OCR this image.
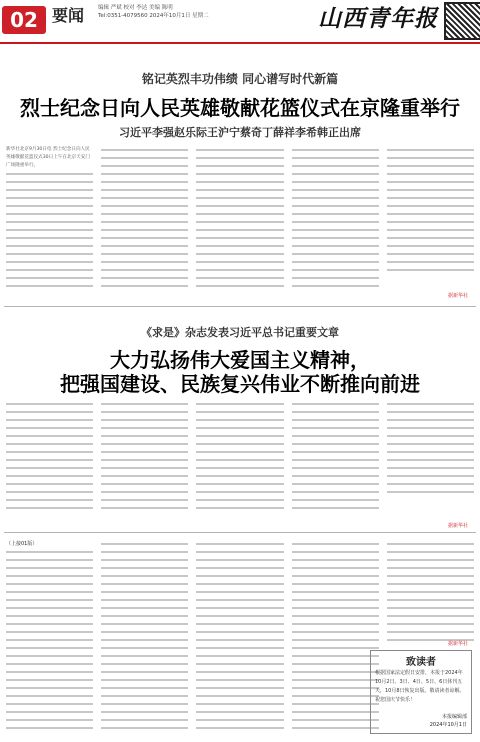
02 要闻	编辑 严斌 校对 李达 美编 陈明
Tel:0351-4079560 2024年10月1日 星期二	山西青年报
铭记英烈丰功伟绩 同心谱写时代新篇
烈士纪念日向人民英雄敬献花篮仪式在京隆重举行
习近平李强赵乐际王沪宁蔡奇丁薛祥李希韩正出席
新华社北京9月30日电 烈士纪念日向人民英雄敬献花篮仪式30日上午在北京天安门广场隆重举行。
据新华社
《求是》杂志发表习近平总书记重要文章
大力弘扬伟大爱国主义精神，
把强国建设、民族复兴伟业不断推向前进
据新华社
（上接01版）
据新华社
致读者
根据国家法定假日安排，本报于2024年10月2日、3日、4日、5日、6日休刊五天，10月8日恢复出版。敬请读者谅解。祝您国庆节快乐！
本报编辑部
2024年10月1日
